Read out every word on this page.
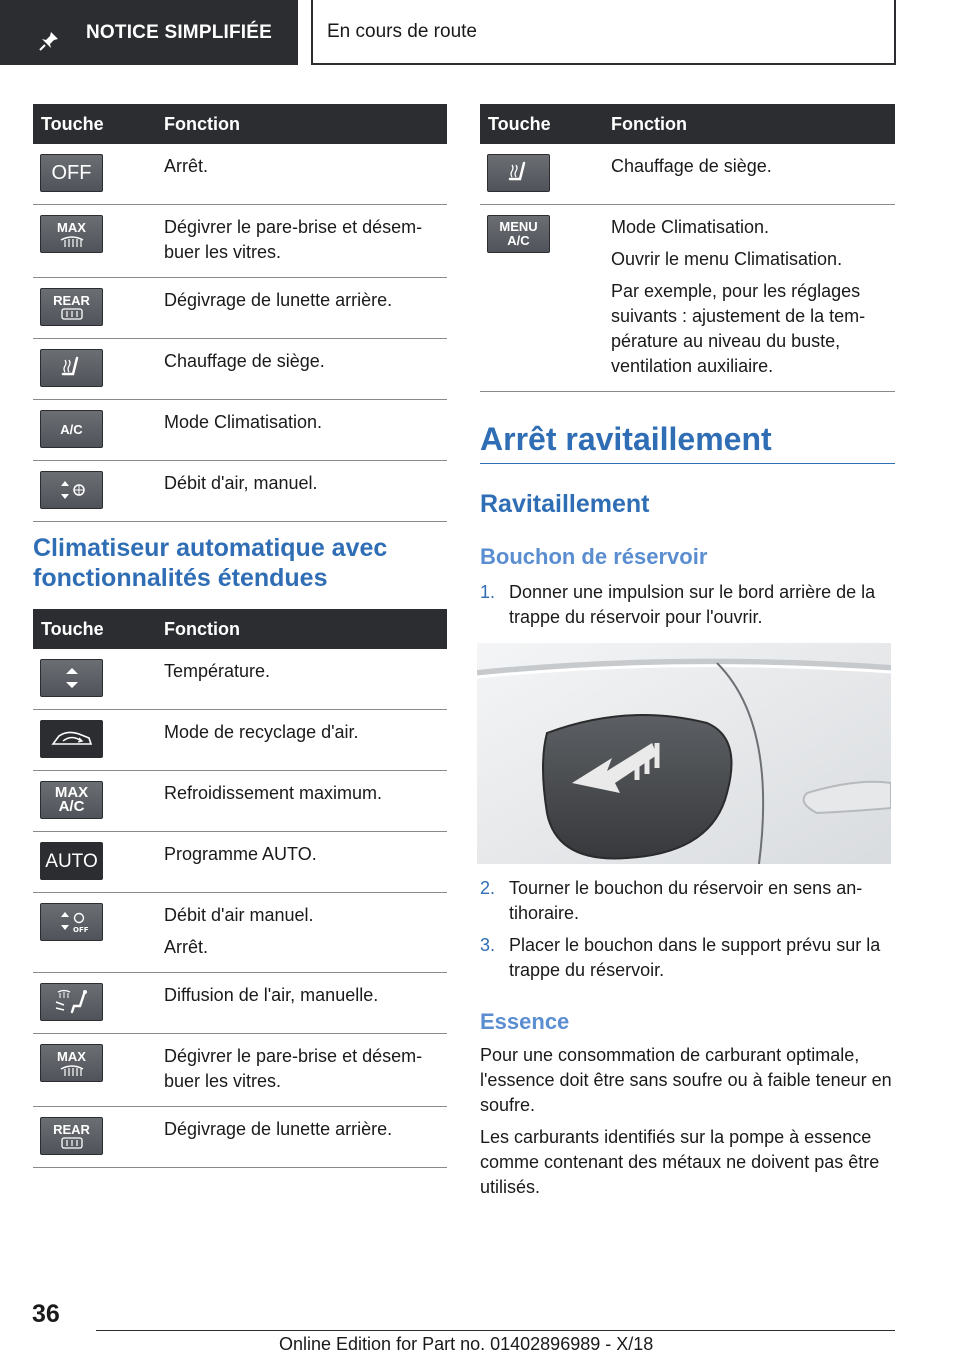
NOTICE SIMPLIFIÉE	En cours de route
Touche	Fonction

OFF	Arrêt.

MAX	Dégivrer le pare-brise et désem-
buer les vitres.

REAR	Dégivrage de lunette arrière.

Chauffage de siège.

A/C	Mode Climatisation.

Débit d'air, manuel.

Climatiseur automatique avec
fonctionnalités étendues
Touche	Fonction

Température.

Mode de recyclage d'air.

MAX A/C	Refroidissement maximum.

AUTO	Programme AUTO.

OFF	Débit d'air manuel.

Arrêt.

Diffusion de l'air, manuelle.

MAX	Dégivrer le pare-brise et désem-
buer les vitres.

REAR	Dégivrage de lunette arrière.

Touche	Fonction

Chauffage de siège.

MENU A/C	Mode Climatisation.

Ouvrir le menu Climatisation.

Par exemple, pour les réglages suivants : ajustement de la tem-pérature au niveau du buste, ventilation auxiliaire.

Arrêt ravitaillement
Ravitaillement
Bouchon de réservoir
1. Donner une impulsion sur le bord arrière de la trappe du réservoir pour l'ouvrir.
2. Tourner le bouchon du réservoir en sens an-tihoraire.
3. Placer le bouchon dans le support prévu sur la trappe du réservoir.
Essence
Pour une consommation de carburant optimale, l'essence doit être sans soufre ou à faible teneur en soufre.
Les carburants identifiés sur la pompe à essence comme contenant des métaux ne doivent pas être utilisés.
36
Online Edition for Part no. 01402896989 - X/18
